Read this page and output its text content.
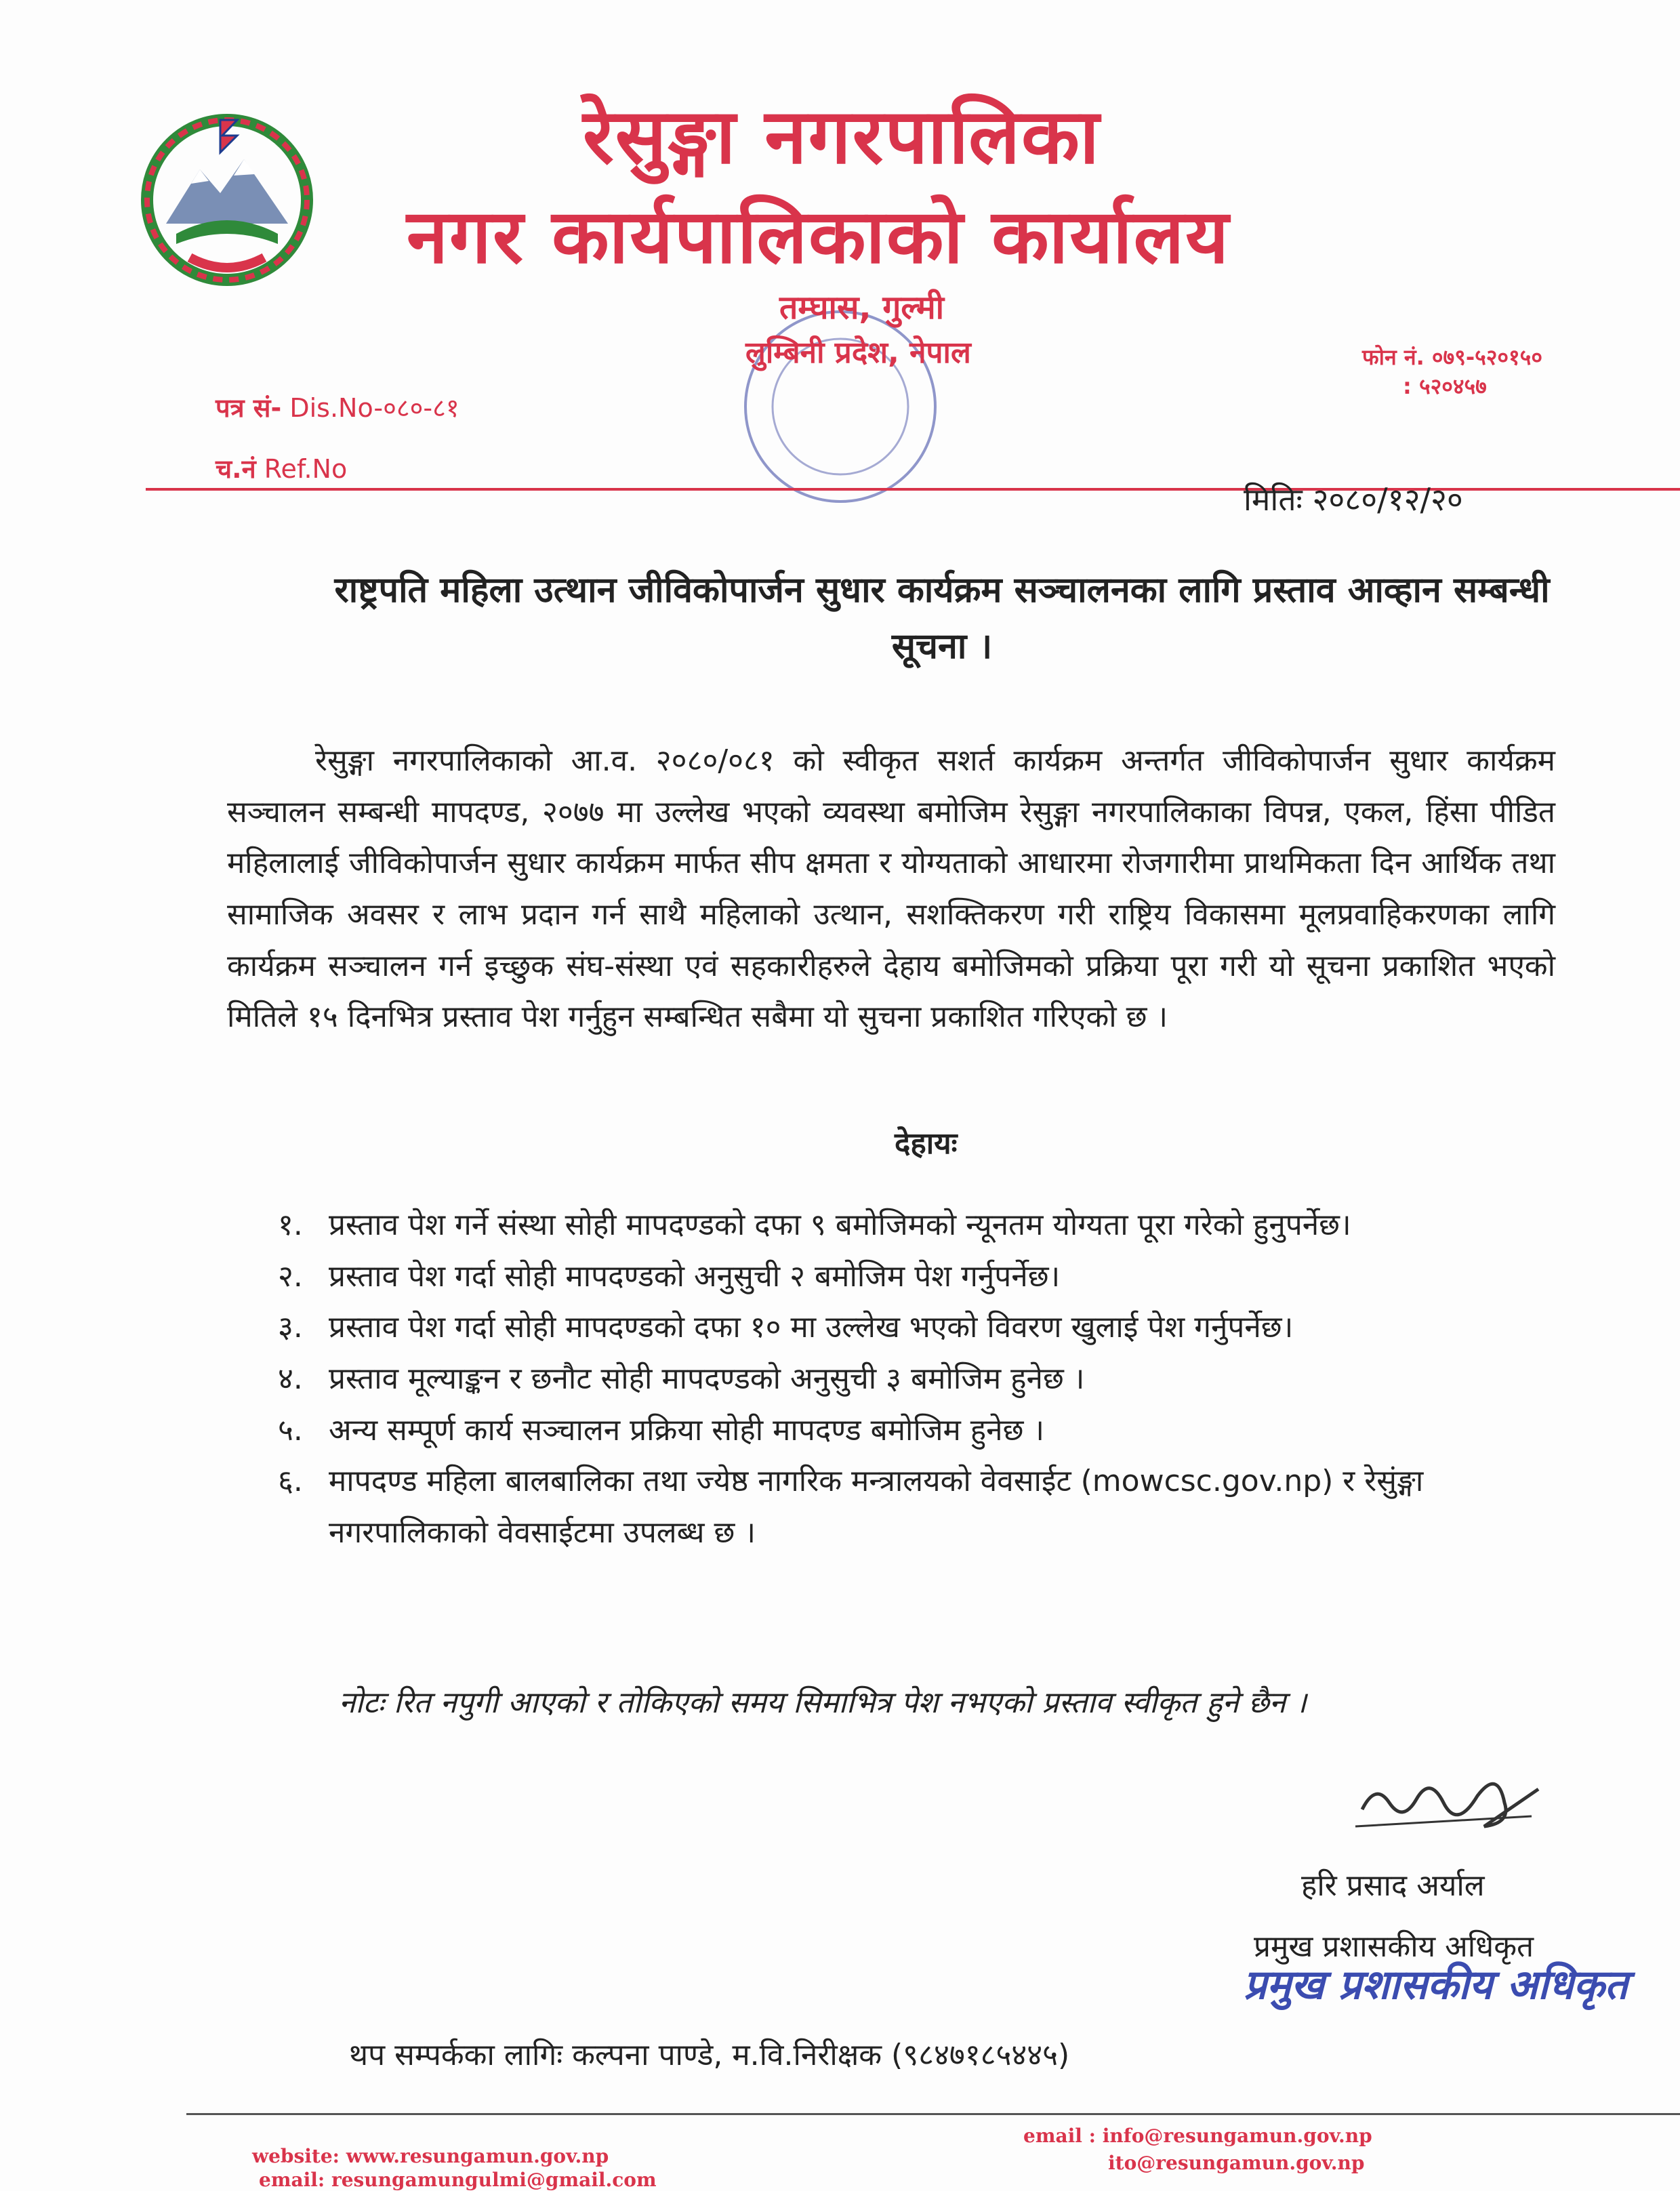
रेसुङ्गा नगरपालिका
नगर कार्यपालिकाको कार्यालय
तम्घास, गुल्मी
लुम्बिनी प्रदेश, नेपाल	फोन नं. ०७९-५२०१५०
: ५२०४५७
पत्र सं- Dis.No-०८०-८१
च.नं Ref.No
मितिः २०८०/१२/२०
राष्ट्रपति महिला उत्थान जीविकोपार्जन सुधार कार्यक्रम सञ्चालनका लागि प्रस्ताव आव्हान सम्बन्धी सूचना ।
रेसुङ्गा नगरपालिकाको आ.व. २०८०/०८१ को स्वीकृत सशर्त कार्यक्रम अन्तर्गत जीविकोपार्जन सुधार कार्यक्रम सञ्चालन सम्बन्धी मापदण्ड, २०७७ मा उल्लेख भएको व्यवस्था बमोजिम रेसुङ्गा नगरपालिकाका विपन्न, एकल, हिंसा पीडित महिलालाई जीविकोपार्जन सुधार कार्यक्रम मार्फत सीप क्षमता र योग्यताको आधारमा रोजगारीमा प्राथमिकता दिन आर्थिक तथा सामाजिक अवसर र लाभ प्रदान गर्न साथै महिलाको उत्थान, सशक्तिकरण गरी राष्ट्रिय विकासमा मूलप्रवाहिकरणका लागि कार्यक्रम सञ्चालन गर्न इच्छुक संघ-संस्था एवं सहकारीहरुले देहाय बमोजिमको प्रक्रिया पूरा गरी यो सूचना प्रकाशित भएको मितिले १५ दिनभित्र प्रस्ताव पेश गर्नुहुन सम्बन्धित सबैमा यो सुचना प्रकाशित गरिएको छ ।
देहायः
१. प्रस्ताव पेश गर्ने संस्था सोही मापदण्डको दफा ९ बमोजिमको न्यूनतम योग्यता पूरा गरेको हुनुपर्नेछ।
२. प्रस्ताव पेश गर्दा सोही मापदण्डको अनुसुची २ बमोजिम पेश गर्नुपर्नेछ।
३. प्रस्ताव पेश गर्दा सोही मापदण्डको दफा १० मा उल्लेख भएको विवरण खुलाई पेश गर्नुपर्नेछ।
४. प्रस्ताव मूल्याङ्कन र छनौट सोही मापदण्डको अनुसुची ३ बमोजिम हुनेछ ।
५. अन्य सम्पूर्ण कार्य सञ्चालन प्रक्रिया सोही मापदण्ड बमोजिम हुनेछ ।
६. मापदण्ड महिला बालबालिका तथा ज्येष्ठ नागरिक मन्त्रालयको वेवसाईट (mowcsc.gov.np) र रेसुंङ्गा नगरपालिकाको वेवसाईटमा उपलब्ध छ ।
नोटः रित नपुगी आएको र तोकिएको समय सिमाभित्र पेश नभएको प्रस्ताव स्वीकृत हुने छैन ।
हरि प्रसाद अर्याल
प्रमुख प्रशासकीय अधिकृत
प्रमुख प्रशासकीय अधिकृत
थप सम्पर्कका लागिः कल्पना पाण्डे, म.वि.निरीक्षक (९८४७१८५४४५)
website: www.resungamun.gov.np
email: resungamungulmi@gmail.com
email : info@resungamun.gov.np
ito@resungamun.gov.np
